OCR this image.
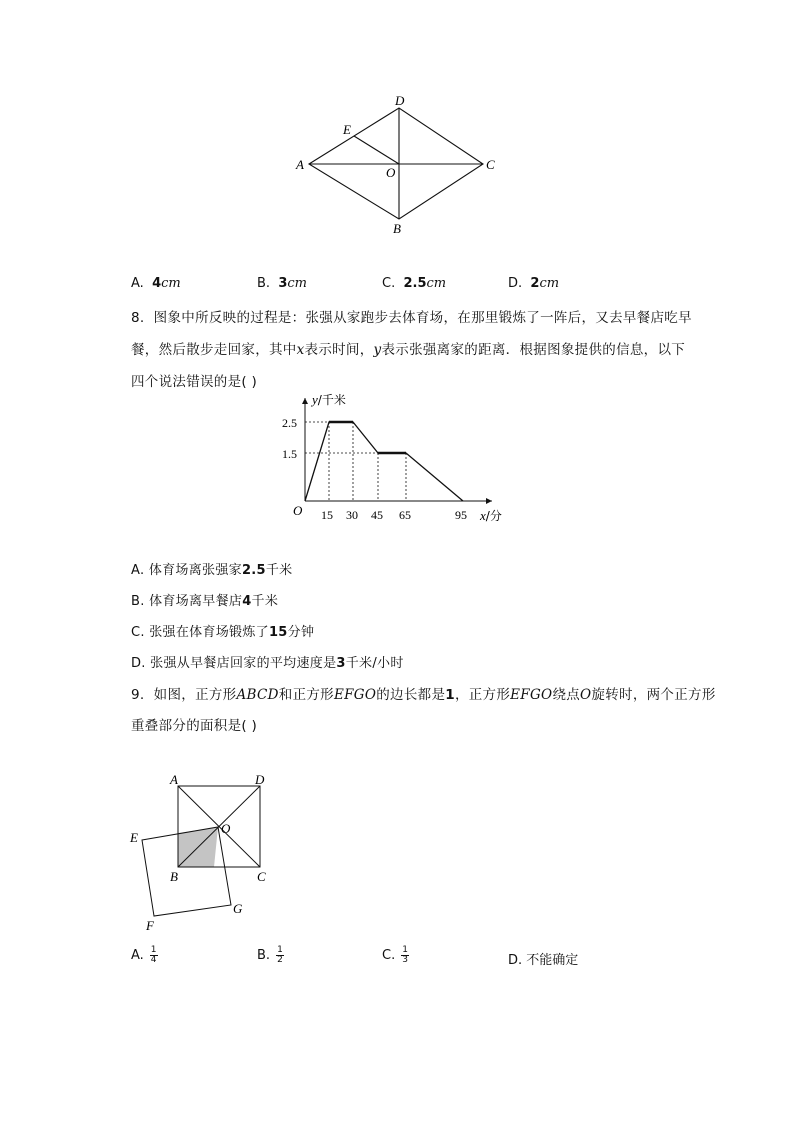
D
E
A
O
C
B
A. 4cm	B. 3cm	C. 2.5cm	D. 2cm
8. 图象中所反映的过程是：张强从家跑步去体育场，在那里锻炼了一阵后，又去早餐店吃早
餐，然后散步走回家，其中x表示时间，y表示张强离家的距离．根据图象提供的信息，以下
四个说法错误的是( )
y/千米
2.5
1.5
O 15 30 45 65	95 x/分
A. 体育场离张强家2.5千米
B. 体育场离早餐店4千米
C. 张强在体育场锻炼了15分钟
D. 张强从早餐店回家的平均速度是3千米/小时
9. 如图，正方形ABCD和正方形EFGO的边长都是1，正方形EFGO绕点O旋转时，两个正方形
重叠部分的面积是( )
A	D
O
E
B	C
G
F
A. $\frac{1}{4}$	B. $\frac{1}{2}$	C. $\frac{1}{3}$	D. 不能确定
